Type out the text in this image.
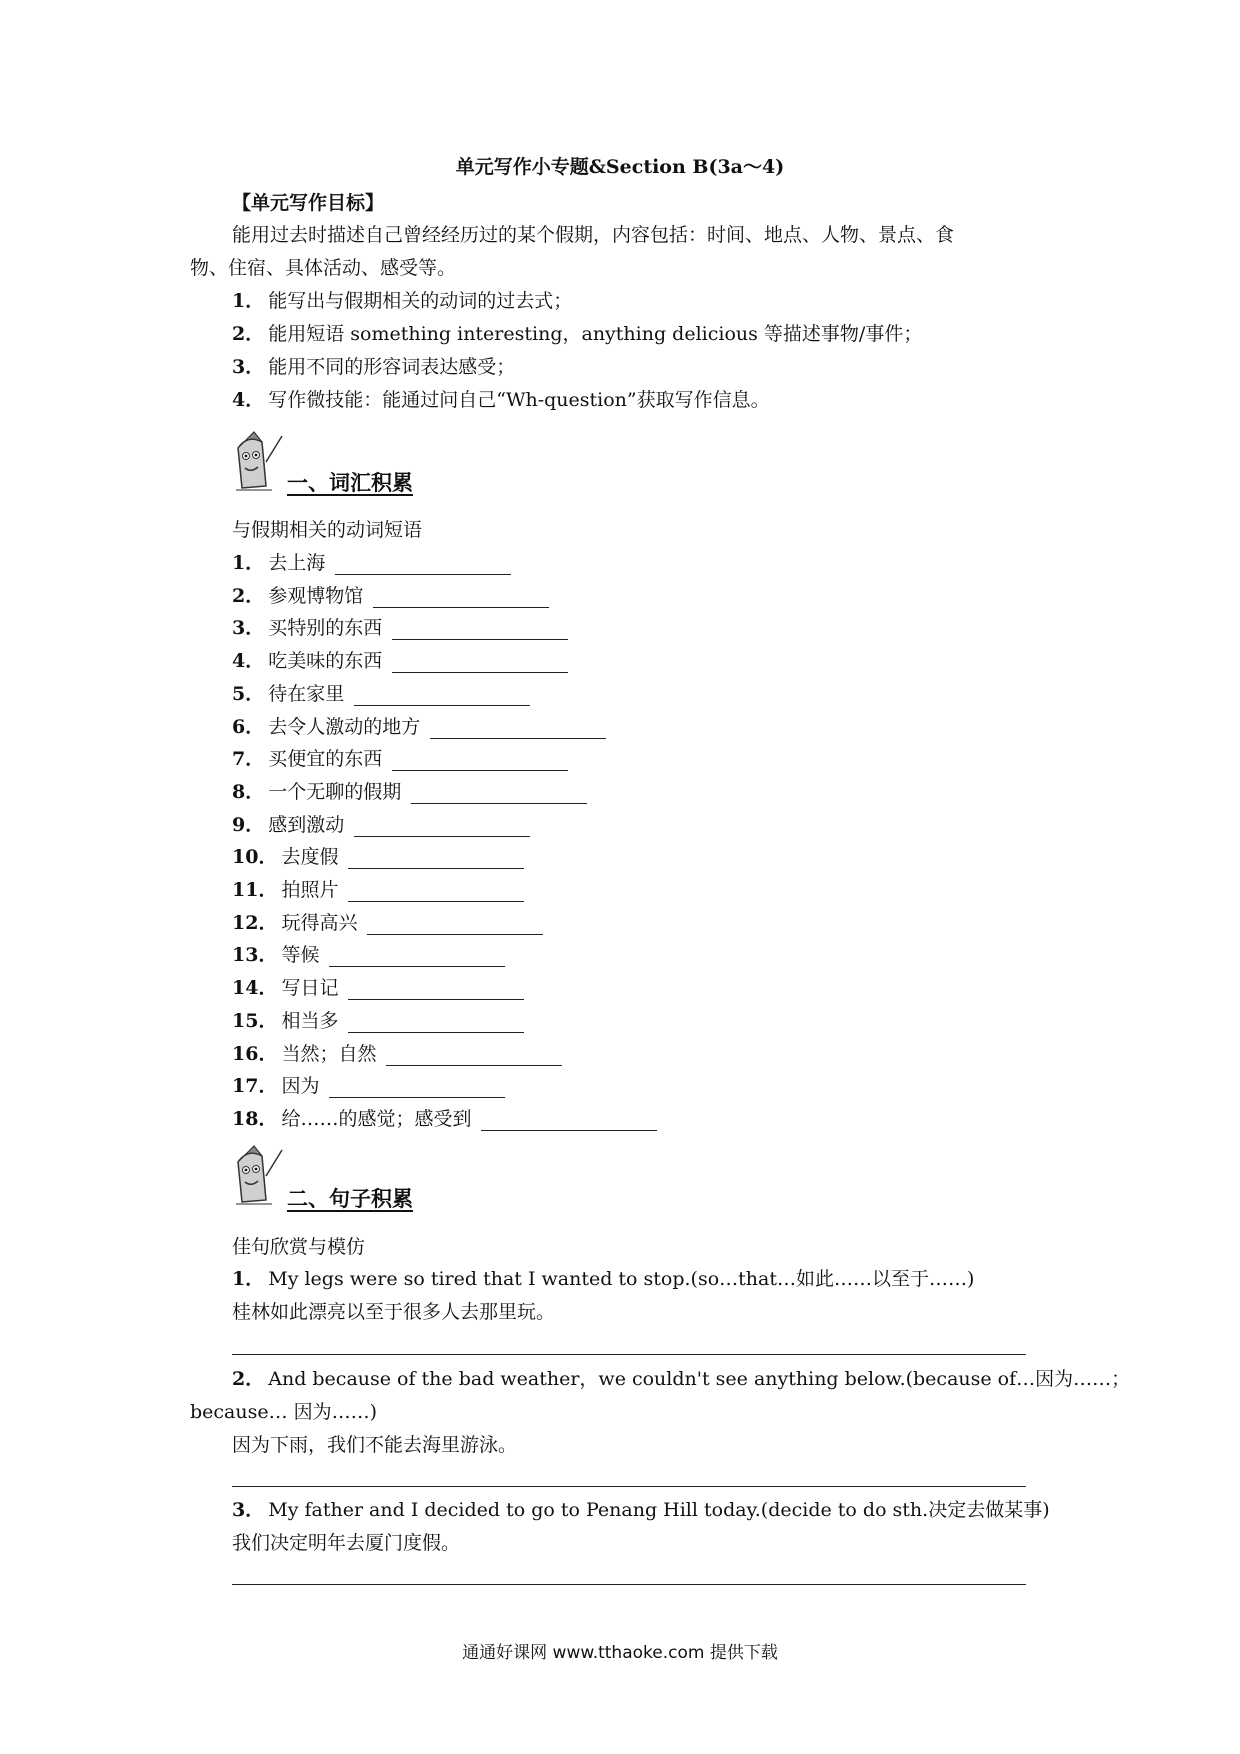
单元写作小专题&Section B(3a～4)
【单元写作目标】
能用过去时描述自己曾经经历过的某个假期，内容包括：时间、地点、人物、景点、食
物、住宿、具体活动、感受等。
1． 能写出与假期相关的动词的过去式；
2． 能用短语 something interesting，anything delicious 等描述事物/事件；
3． 能用不同的形容词表达感受；
4． 写作微技能：能通过问自己“Wh-question”获取写作信息。
一、词汇积累
与假期相关的动词短语
1． 去上海
2． 参观博物馆
3． 买特别的东西
4． 吃美味的东西
5． 待在家里
6． 去令人激动的地方
7． 买便宜的东西
8． 一个无聊的假期
9． 感到激动
10． 去度假
11． 拍照片
12． 玩得高兴
13． 等候
14． 写日记
15． 相当多
16． 当然；自然
17． 因为
18． 给……的感觉；感受到
二、句子积累
佳句欣赏与模仿
1． My legs were so tired that I wanted to stop.(so…that…如此……以至于……)
桂林如此漂亮以至于很多人去那里玩。
2． And because of the bad weather，we couldn't see anything below.(because of…因为……；
because… 因为……)
因为下雨，我们不能去海里游泳。
3． My father and I decided to go to Penang Hill today.(decide to do sth.决定去做某事)
我们决定明年去厦门度假。
通通好课网 www.tthaoke.com 提供下载
